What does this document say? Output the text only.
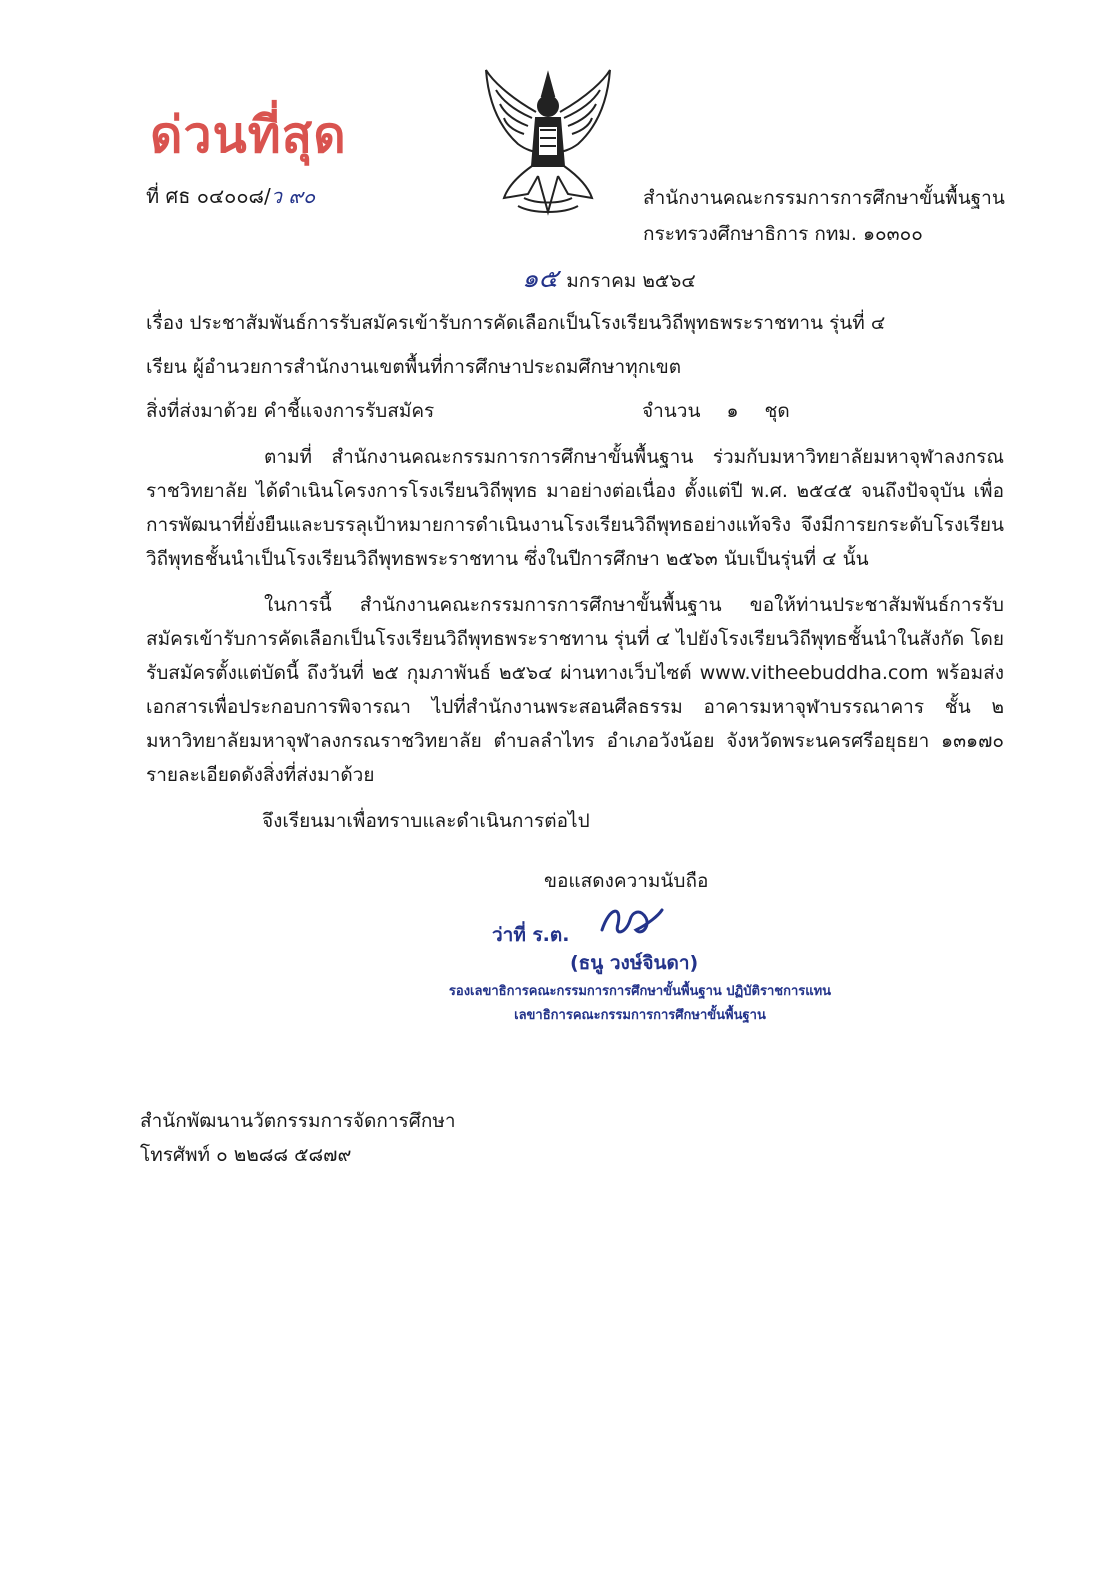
ด่วนที่สุด
ที่ ศธ ๐๔๐๐๘/ว ๙๐	สำนักงานคณะกรรมการการศึกษาขั้นพื้นฐาน
กระทรวงศึกษาธิการ กทม. ๑๐๓๐๐
๑๕ มกราคม ๒๕๖๔
เรื่อง ประชาสัมพันธ์การรับสมัครเข้ารับการคัดเลือกเป็นโรงเรียนวิถีพุทธพระราชทาน รุ่นที่ ๔
เรียน ผู้อำนวยการสำนักงานเขตพื้นที่การศึกษาประถมศึกษาทุกเขต
สิ่งที่ส่งมาด้วย คำชี้แจงการรับสมัคร	จำนวน ๑ ชุด
ตามที่ สำนักงานคณะกรรมการการศึกษาขั้นพื้นฐาน ร่วมกับมหาวิทยาลัยมหาจุฬาลงกรณราชวิทยาลัย ได้ดำเนินโครงการโรงเรียนวิถีพุทธ มาอย่างต่อเนื่อง ตั้งแต่ปี พ.ศ. ๒๕๔๕ จนถึงปัจจุบัน เพื่อการพัฒนาที่ยั่งยืนและบรรลุเป้าหมายการดำเนินงานโรงเรียนวิถีพุทธอย่างแท้จริง จึงมีการยกระดับโรงเรียนวิถีพุทธชั้นนำเป็นโรงเรียนวิถีพุทธพระราชทาน ซึ่งในปีการศึกษา ๒๕๖๓ นับเป็นรุ่นที่ ๔ นั้น
ในการนี้ สำนักงานคณะกรรมการการศึกษาขั้นพื้นฐาน ขอให้ท่านประชาสัมพันธ์การรับสมัครเข้ารับการคัดเลือกเป็นโรงเรียนวิถีพุทธพระราชทาน รุ่นที่ ๔ ไปยังโรงเรียนวิถีพุทธชั้นนำในสังกัด โดยรับสมัครตั้งแต่บัดนี้ ถึงวันที่ ๒๕ กุมภาพันธ์ ๒๕๖๔ ผ่านทางเว็บไซต์ www.vitheebuddha.com พร้อมส่งเอกสารเพื่อประกอบการพิจารณา ไปที่สำนักงานพระสอนศีลธรรม อาคารมหาจุฬาบรรณาคาร ชั้น ๒ มหาวิทยาลัยมหาจุฬาลงกรณราชวิทยาลัย ตำบลลำไทร อำเภอวังน้อย จังหวัดพระนครศรีอยุธยา ๑๓๑๗๐ รายละเอียดดังสิ่งที่ส่งมาด้วย
จึงเรียนมาเพื่อทราบและดำเนินการต่อไป
ขอแสดงความนับถือ
ว่าที่ ร.ต.
(ธนู วงษ์จินดา)
รองเลขาธิการคณะกรรมการการศึกษาขั้นพื้นฐาน ปฏิบัติราชการแทน
เลขาธิการคณะกรรมการการศึกษาขั้นพื้นฐาน
สำนักพัฒนานวัตกรรมการจัดการศึกษา
โทรศัพท์ ๐ ๒๒๘๘ ๕๘๗๙
